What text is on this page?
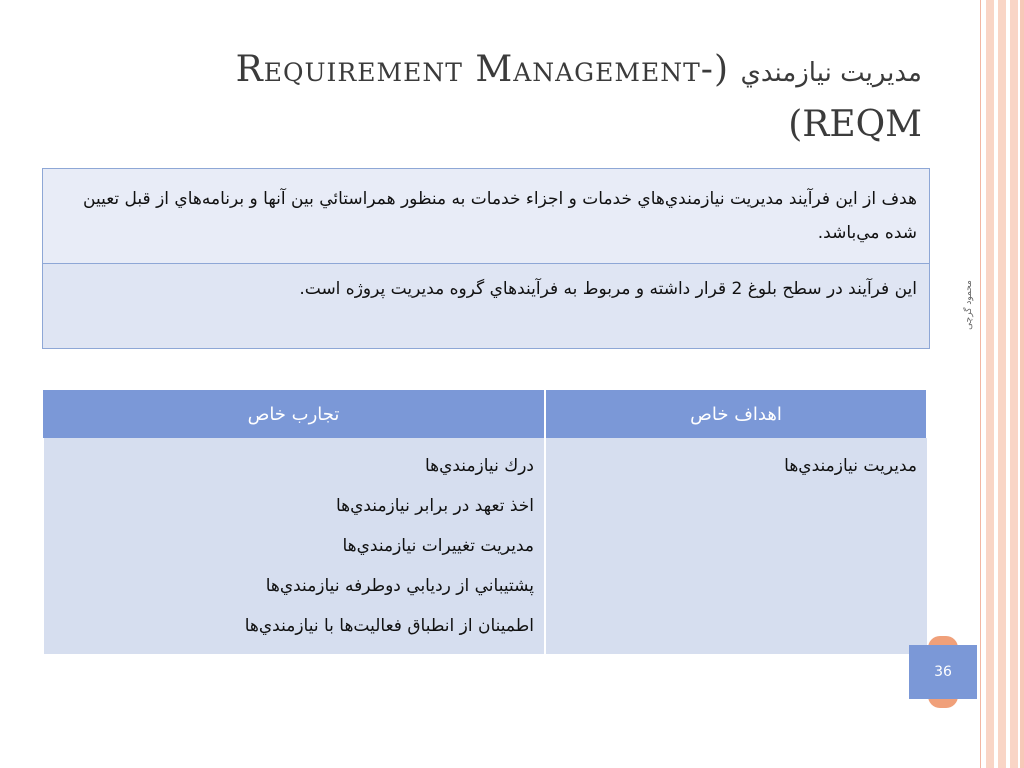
Requirement Management-) مديريت نيازمندي
(REQM
محمود گرچی
هدف از اين فرآيند مديريت نيازمندي‌هاي خدمات و اجزاء خدمات به منظور همراستائي بين آنها و برنامه‌هاي از قبل تعيين شده مي‌باشد.
اين فرآيند در سطح بلوغ 2 قرار داشته و مربوط به فرآيندهاي گروه مديريت پروژه است.
اهداف خاص	تجارب خاص

مديريت نيازمندي‌ها	درك نيازمندي‌ها
اخذ تعهد در برابر نيازمندي‌ها
مديريت تغييرات نيازمندي‌ها
پشتيباني از ردیابي دوطرفه نيازمندي‌ها
اطمينان از انطباق فعاليت‌ها با نيازمندي‌ها
36
